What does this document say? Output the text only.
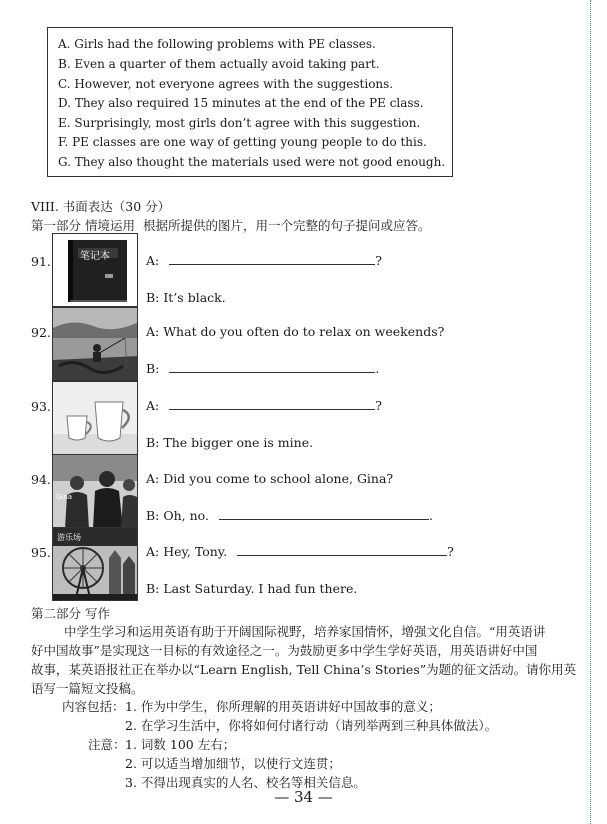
A. Girls had the following problems with PE classes.
B. Even a quarter of them actually avoid taking part.
C. However, not everyone agrees with the suggestions.
D. They also required 15 minutes at the end of the PE class.
E. Surprisingly, most girls don’t agree with this suggestion.
F. PE classes are one way of getting young people to do this.
G. They also thought the materials used were not good enough.
VIII. 书面表达（30 分）
第一部分 情境运用 根据所提供的图片，用一个完整的句子提问或应答。
91.	笔记本	A:	?
B: It’s black.
92.	A: What do you often do to relax on weekends?
B:	.
93.	A:	?
B: The bigger one is mine.
94.
Gina
A: Did you come to school alone, Gina?
B: Oh, no.	.
95.
游乐场
A: Hey, Tony.	?
B: Last Saturday. I had fun there.
第二部分 写作
中学生学习和运用英语有助于开阔国际视野，培养家国情怀，增强文化自信。“用英语讲
好中国故事”是实现这一目标的有效途径之一。为鼓励更多中学生学好英语，用英语讲好中国
故事，某英语报社正在举办以“Learn English, Tell China’s Stories”为题的征文活动。请你用英
语写一篇短文投稿。
内容包括： 1. 作为中学生，你所理解的用英语讲好中国故事的意义；
2. 在学习生活中，你将如何付诸行动（请列举两到三种具体做法）。
注意： 1. 词数 100 左右；
2. 可以适当增加细节，以使行文连贯；
3. 不得出现真实的人名、校名等相关信息。
— 34 —
